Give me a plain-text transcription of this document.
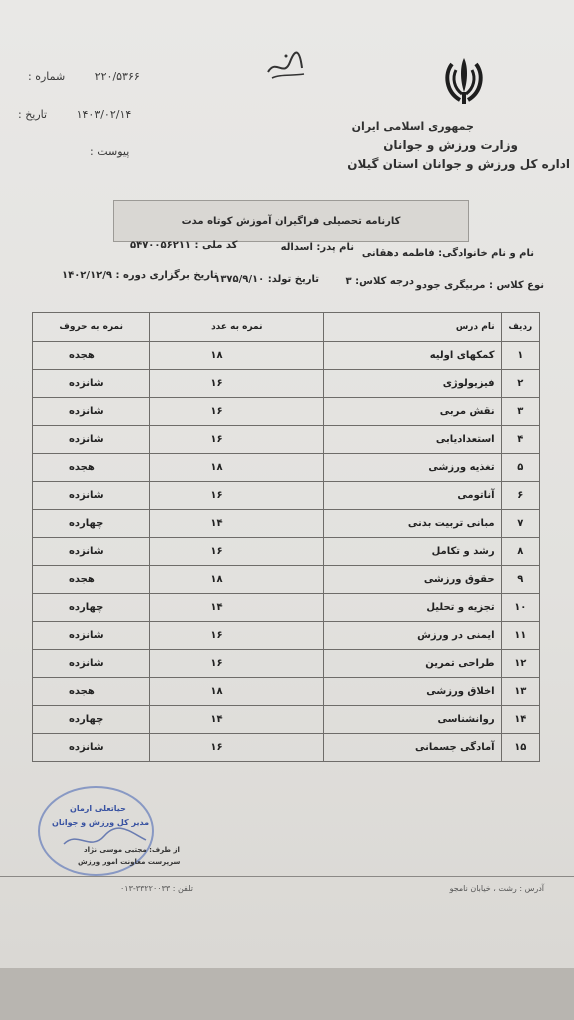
۲۲۰/۵۳۶۶ شماره :
۱۴۰۳/۰۲/۱۴ تاریخ :
پیوست :
جمهوری اسلامی ایران
وزارت ورزش و جوانان
اداره کل ورزش و جوانان استان گیلان
کارنامه تحصیلی فراگیران آموزش کوتاه مدت
نام و نام خانوادگی: فاطمه دهقانی
نام پدر: اسداله
کد ملی : ۵۴۷۰۰۵۶۲۱۱
نوع کلاس : مربیگری جودو
درجه کلاس: ۳
تاریخ تولد: ۱۳۷۵/۹/۱۰
تاریخ برگزاری دوره : ۱۴۰۲/۱۲/۹
ردیف	نام درس	نمره به عدد	نمره به حروف
۱	کمکهای اولیه	۱۸	هجده
۲	فیزیولوژی	۱۶	شانزده
۳	نقش مربی	۱۶	شانزده
۴	استعدادیابی	۱۶	شانزده
۵	تغذیه ورزشی	۱۸	هجده
۶	آناتومی	۱۶	شانزده
۷	مبانی تربیت بدنی	۱۴	چهارده
۸	رشد و تکامل	۱۶	شانزده
۹	حقوق ورزشی	۱۸	هجده
۱۰	تجزیه و تحلیل	۱۴	چهارده
۱۱	ایمنی در ورزش	۱۶	شانزده
۱۲	طراحی تمرین	۱۶	شانزده
۱۳	اخلاق ورزشی	۱۸	هجده
۱۴	روانشناسی	۱۴	چهارده
۱۵	آمادگی جسمانی	۱۶	شانزده
حیاتعلی ارمان
مدیر کل ورزش و جوانان
از طرف: مجتبی موسی نژاد
سرپرست معاونت امور ورزش
آدرس : رشت ، خیابان نامجو
تلفن : ۳۳۲۲۰۰۳۳-۰۱۳
